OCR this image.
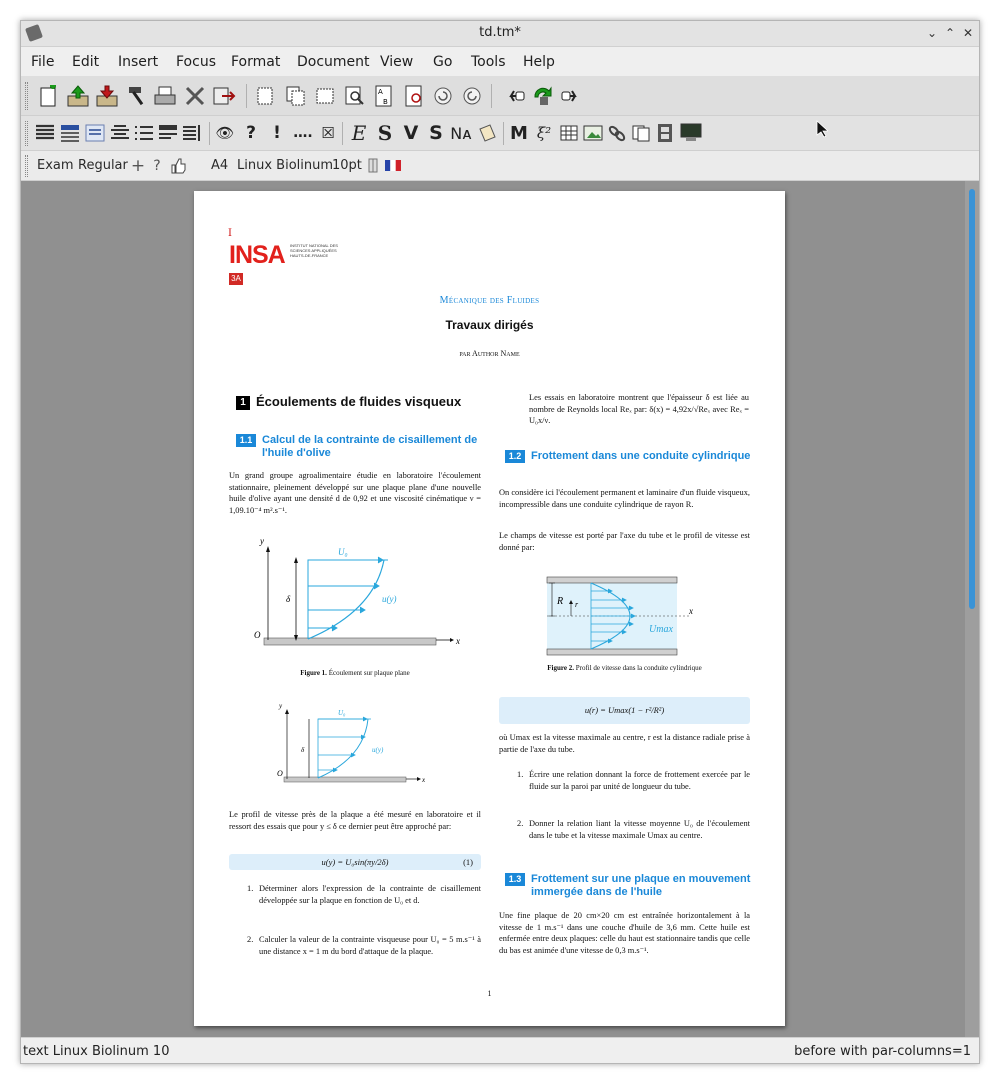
td.tm*	⌄ ⌃ ✕
File Edit Insert Focus Format Document View Go Tools Help
A
B
👁 ?	! …. ☒ E S V S Nᴀ M ξ²
Exam Regular + ?	A4 Linux Biolinum
10pt
I
INSA INSTITUT NATIONAL DES SCIENCES APPLIQUÉES HAUTS-DE-FRANCE
3A
Mécanique des Fluides
Travaux dirigés
par Author Name
1 Écoulements de fluides visqueux
1.1 Calcul de la contrainte de cisaillement de l'huile d'olive
Un grand groupe agroalimentaire étudie en laboratoire l'écoulement stationnaire, pleinement développé sur une plaque plane d'une nouvelle huile d'olive ayant une densité d de 0,92 et une viscosité cinématique ν = 1,09.10⁻⁴ m².s⁻¹.
y
x
O
δ
U₀
u(y)
Figure 1. Écoulement sur plaque plane
y
x
O
δ
U₀
u(y)
Le profil de vitesse près de la plaque a été mesuré en laboratoire et il ressort des essais que pour y ≤ δ ce dernier peut être approché par:
u(y) = U₀sin(πy/2δ)	(1)
1. Déterminer alors l'expression de la contrainte de cisaillement développée sur la plaque en fonction de U₀ et d.
2. Calculer la valeur de la contrainte visqueuse pour U₀ = 5 m.s⁻¹ à une distance x = 1 m du bord d'attaque de la plaque.
Les essais en laboratoire montrent que l'épaisseur δ est liée au nombre de Reynolds local Reₓ par: δ(x) = 4,92x/√Reₓ avec Reₓ = U₀x/ν.
1.2 Frottement dans une conduite cylindrique
On considère ici l'écoulement permanent et laminaire d'un fluide visqueux, incompressible dans une conduite cylindrique de rayon R.
Le champs de vitesse est porté par l'axe du tube et le profil de vitesse est donné par:
R r
x
Umax
Figure 2. Profil de vitesse dans la conduite cylindrique
u(r) = Umax(1 − r²/R²)
où Umax est la vitesse maximale au centre, r est la distance radiale prise à partie de l'axe du tube.
1. Écrire une relation donnant la force de frottement exercée par le fluide sur la paroi par unité de longueur du tube.
2. Donner la relation liant la vitesse moyenne U₀ de l'écoulement dans le tube et la vitesse maximale Umax au centre.
1.3 Frottement sur une plaque en mouvement immergée dans de l'huile
Une fine plaque de 20 cm×20 cm est entraînée horizontalement à la vitesse de 1 m.s⁻¹ dans une couche d'huile de 3,6 mm. Cette huile est enfermée entre deux plaques: celle du haut est stationnaire tandis que celle du bas est animée d'une vitesse de 0,3 m.s⁻¹.
1
text Linux Biolinum 10	before with par-columns=1
